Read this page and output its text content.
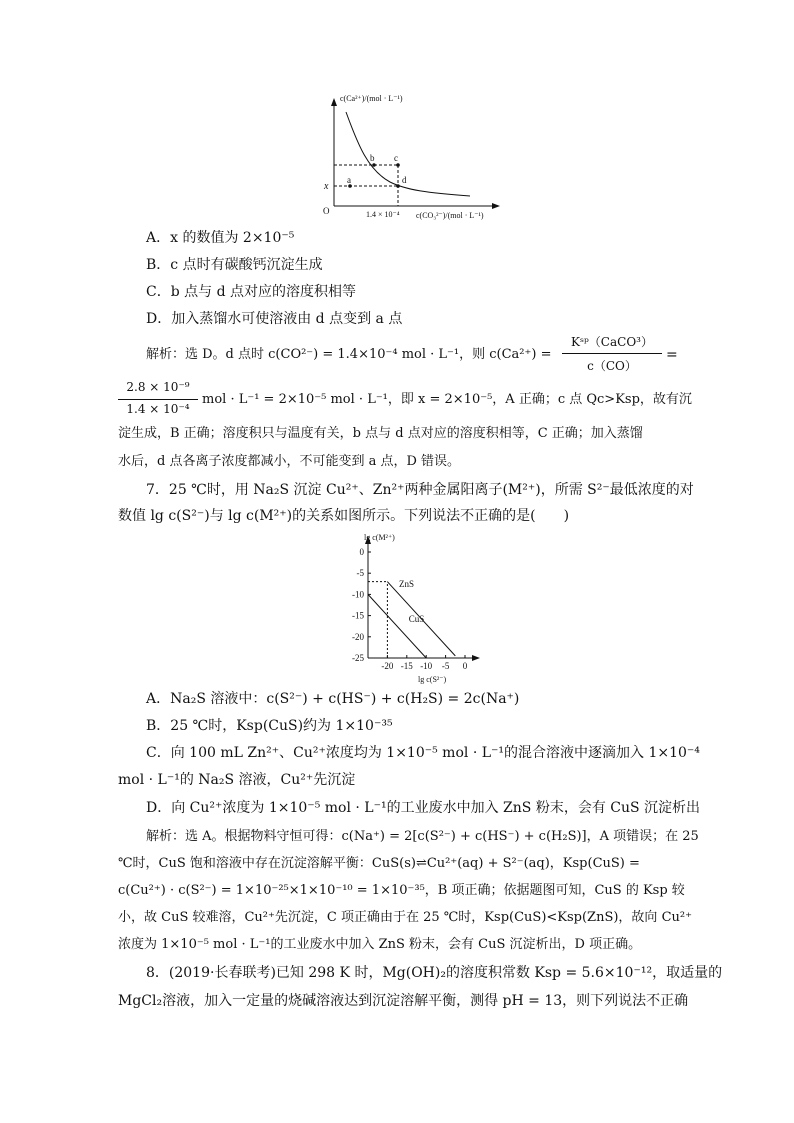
c(Ca²⁺)/(mol · L⁻¹)
c(CO₃²⁻)/(mol · L⁻¹)
O	1.4 × 10⁻⁴
x
a
b c
d
A．x 的数值为 2×10⁻⁵
B．c 点时有碳酸钙沉淀生成
C．b 点与 d 点对应的溶度积相等
D．加入蒸馏水可使溶液由 d 点变到 a 点
解析：选 D。d 点时 c(CO²⁻) = 1.4×10⁻⁴ mol · L⁻¹，则 c(Ca²⁺) =
Kˢᵖ（CaCO³）
c（CO）
=
2.8 × 10⁻⁹
1.4 × 10⁻⁴
mol · L⁻¹ = 2×10⁻⁵ mol · L⁻¹，即 x = 2×10⁻⁵，A 正确；c 点 Qc>Ksp，故有沉
淀生成，B 正确；溶度积只与温度有关，b 点与 d 点对应的溶度积相等，C 正确；加入蒸馏
水后，d 点各离子浓度都减小，不可能变到 a 点，D 错误。
7．25 ℃时，用 Na₂S 沉淀 Cu²⁺、Zn²⁺两种金属阳离子(M²⁺)，所需 S²⁻最低浓度的对
数值 lg c(S²⁻)与 lg c(M²⁺)的关系如图所示。下列说法不正确的是(　　)
lg c(M²⁺)
lg c(S²⁻)
0
-5
-10
-15
-20
-25
-20 -15 -10 -5 0
ZnS
CuS
A．Na₂S 溶液中：c(S²⁻) + c(HS⁻) + c(H₂S) = 2c(Na⁺)
B．25 ℃时，Ksp(CuS)约为 1×10⁻³⁵
C．向 100 mL Zn²⁺、Cu²⁺浓度均为 1×10⁻⁵ mol · L⁻¹的混合溶液中逐滴加入 1×10⁻⁴
mol · L⁻¹的 Na₂S 溶液，Cu²⁺先沉淀
D．向 Cu²⁺浓度为 1×10⁻⁵ mol · L⁻¹的工业废水中加入 ZnS 粉末，会有 CuS 沉淀析出
解析：选 A。根据物料守恒可得：c(Na⁺) = 2[c(S²⁻) + c(HS⁻) + c(H₂S)]，A 项错误；在 25
℃时，CuS 饱和溶液中存在沉淀溶解平衡：CuS(s)⇌Cu²⁺(aq) + S²⁻(aq)，Ksp(CuS) =
c(Cu²⁺) · c(S²⁻) = 1×10⁻²⁵×1×10⁻¹⁰ = 1×10⁻³⁵，B 项正确；依据题图可知，CuS 的 Ksp 较
小，故 CuS 较难溶，Cu²⁺先沉淀，C 项正确由于在 25 ℃时，Ksp(CuS)<Ksp(ZnS)，故向 Cu²⁺
浓度为 1×10⁻⁵ mol · L⁻¹的工业废水中加入 ZnS 粉末，会有 CuS 沉淀析出，D 项正确。
8．(2019·长春联考)已知 298 K 时，Mg(OH)₂的溶度积常数 Ksp = 5.6×10⁻¹²，取适量的
MgCl₂溶液，加入一定量的烧碱溶液达到沉淀溶解平衡，测得 pH = 13，则下列说法不正确
